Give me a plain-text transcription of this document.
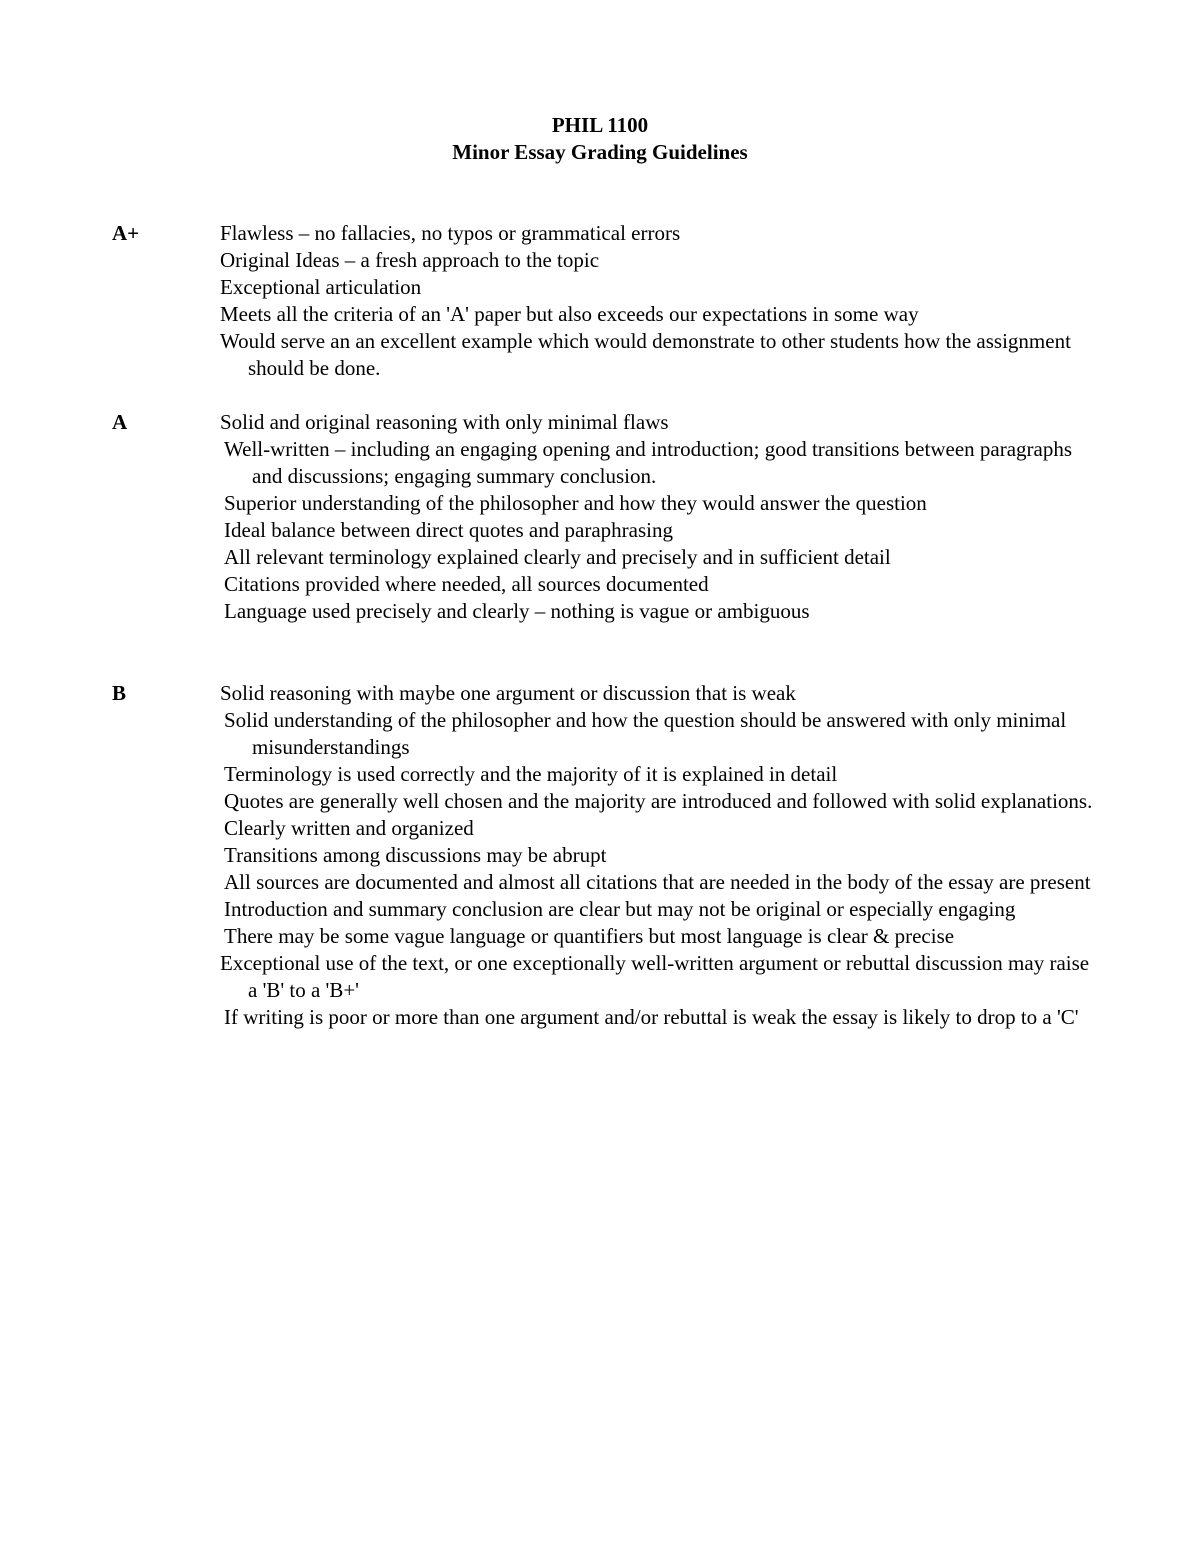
PHIL 1100
Minor Essay Grading Guidelines
A+	Flawless – no fallacies, no typos or grammatical errors
Original Ideas – a fresh approach to the topic
Exceptional articulation
Meets all the criteria of an 'A' paper but also exceeds our expectations in some way
Would serve an an excellent example which would demonstrate to other students how the assignment should be done.
A	Solid and original reasoning with only minimal flaws
Well-written – including an engaging opening and introduction; good transitions between paragraphs and discussions; engaging summary conclusion.
Superior understanding of the philosopher and how they would answer the question
Ideal balance between direct quotes and paraphrasing
All relevant terminology explained clearly and precisely and in sufficient detail
Citations provided where needed, all sources documented
Language used precisely and clearly – nothing is vague or ambiguous
B	Solid reasoning with maybe one argument or discussion that is weak
Solid understanding of the philosopher and how the question should be answered with only minimal misunderstandings
Terminology is used correctly and the majority of it is explained in detail
Quotes are generally well chosen and the majority are introduced and followed with solid explanations.
Clearly written and organized
Transitions among discussions may be abrupt
All sources are documented and almost all citations that are needed in the body of the essay are present
Introduction and summary conclusion are clear but may not be original or especially engaging
There may be some vague language or quantifiers but most language is clear & precise
Exceptional use of the text, or one exceptionally well-written argument or rebuttal discussion may raise a 'B' to a 'B+'
If writing is poor or more than one argument and/or rebuttal is weak the essay is likely to drop to a 'C'
